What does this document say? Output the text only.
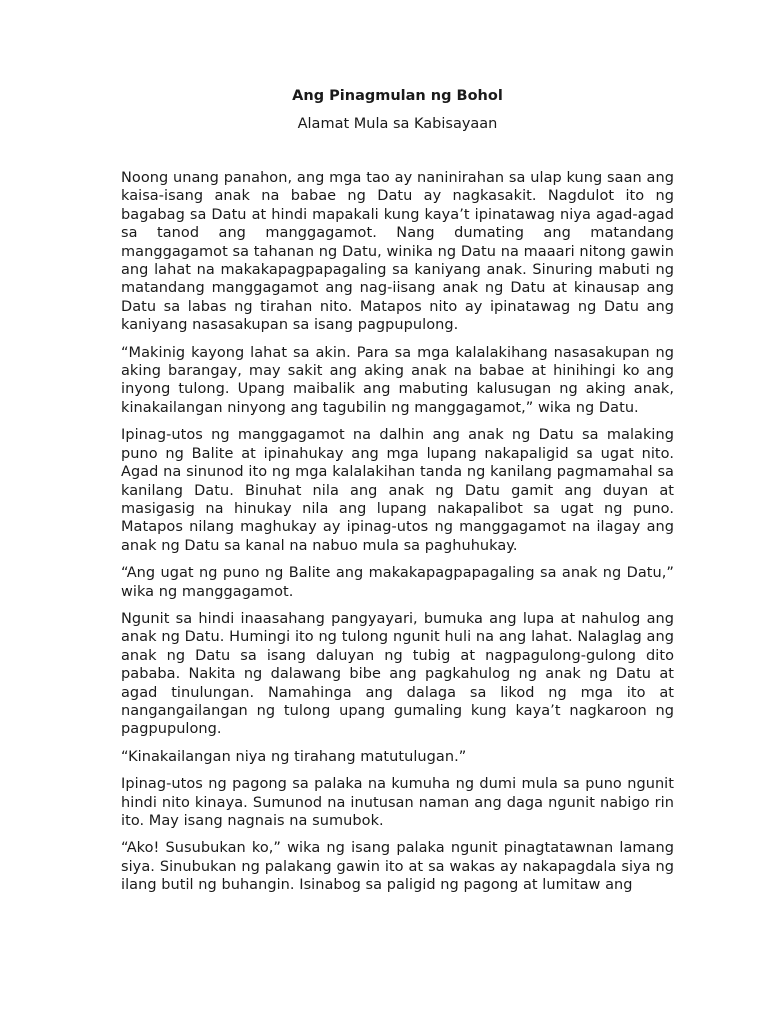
Ang Pinagmulan ng Bohol
Alamat Mula sa Kabisayaan

Noong unang panahon, ang mga tao ay naninirahan sa ulap kung saan ang kaisa-isang anak na babae ng Datu ay nagkasakit. Nagdulot ito ng bagabag sa Datu at hindi mapakali kung kaya’t ipinatawag niya agad-agad sa tanod ang manggagamot. Nang dumating ang matandang manggagamot sa tahanan ng Datu, winika ng Datu na maaari nitong gawin ang lahat na makakapagpapagaling sa kaniyang anak. Sinuring mabuti ng matandang manggagamot ang nag-iisang anak ng Datu at kinausap ang Datu sa labas ng tirahan nito. Matapos nito ay ipinatawag ng Datu ang kaniyang nasasakupan sa isang pagpupulong.

“Makinig kayong lahat sa akin. Para sa mga kalalakihang nasasakupan ng aking barangay, may sakit ang aking anak na babae at hinihingi ko ang inyong tulong. Upang maibalik ang mabuting kalusugan ng aking anak, kinakailangan ninyong ang tagubilin ng manggagamot,” wika ng Datu.

Ipinag-utos ng manggagamot na dalhin ang anak ng Datu sa malaking puno ng Balite at ipinahukay ang mga lupang nakapaligid sa ugat nito. Agad na sinunod ito ng mga kalalakihan tanda ng kanilang pagmamahal sa kanilang Datu. Binuhat nila ang anak ng Datu gamit ang duyan at masigasig na hinukay nila ang lupang nakapalibot sa ugat ng puno. Matapos nilang maghukay ay ipinag-utos ng manggagamot na ilagay ang anak ng Datu sa kanal na nabuo mula sa paghuhukay.

“Ang ugat ng puno ng Balite ang makakapagpapagaling sa anak ng Datu,” wika ng manggagamot.

Ngunit sa hindi inaasahang pangyayari, bumuka ang lupa at nahulog ang anak ng Datu. Humingi ito ng tulong ngunit huli na ang lahat. Nalaglag ang anak ng Datu sa isang daluyan ng tubig at nagpagulong-gulong dito pababa. Nakita ng dalawang bibe ang pagkahulog ng anak ng Datu at agad tinulungan. Namahinga ang dalaga sa likod ng mga ito at nangangailangan ng tulong upang gumaling kung kaya’t nagkaroon ng pagpupulong.

“Kinakailangan niya ng tirahang matutulugan.”

Ipinag-utos ng pagong sa palaka na kumuha ng dumi mula sa puno ngunit hindi nito kinaya. Sumunod na inutusan naman ang daga ngunit nabigo rin ito. May isang nagnais na sumubok.

“Ako! Susubukan ko,” wika ng isang palaka ngunit pinagtatawnan lamang siya. Sinubukan ng palakang gawin ito at sa wakas ay nakapagdala siya ng ilang butil ng buhangin. Isinabog sa paligid ng pagong at lumitaw ang
